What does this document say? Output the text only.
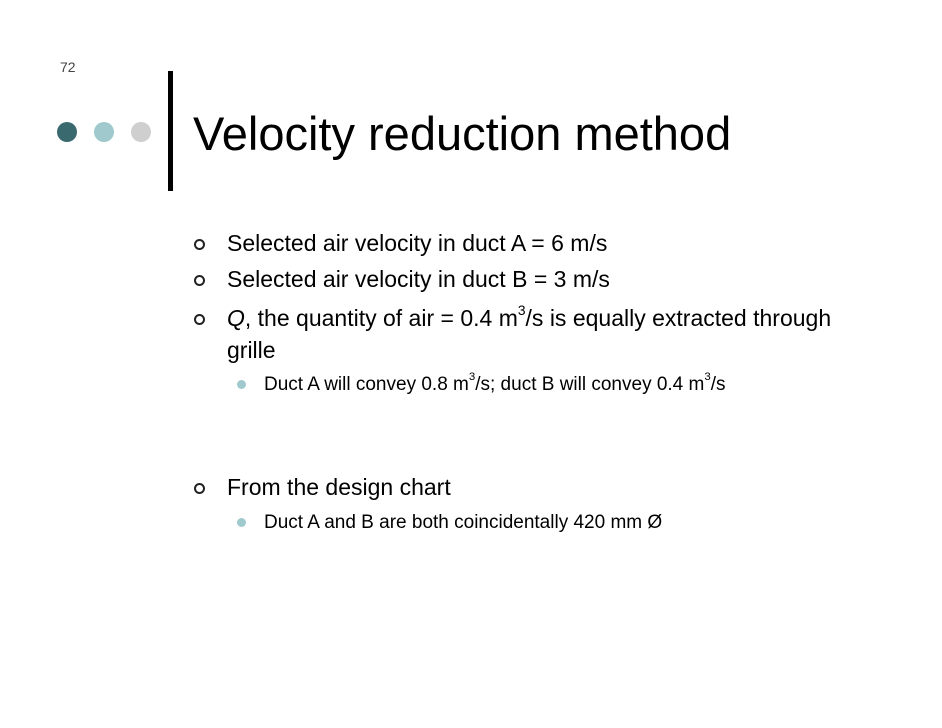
72
Velocity reduction method
Selected air velocity in duct A = 6 m/s
Selected air velocity in duct B = 3 m/s
Q, the quantity of air = 0.4 $m^3/s$ is equally extracted through grille
Duct A will convey 0.8 $m^3/s$; duct B will convey 0.4 $m^3/s$
From the design chart
Duct A and B are both coincidentally 420 mm Ø
